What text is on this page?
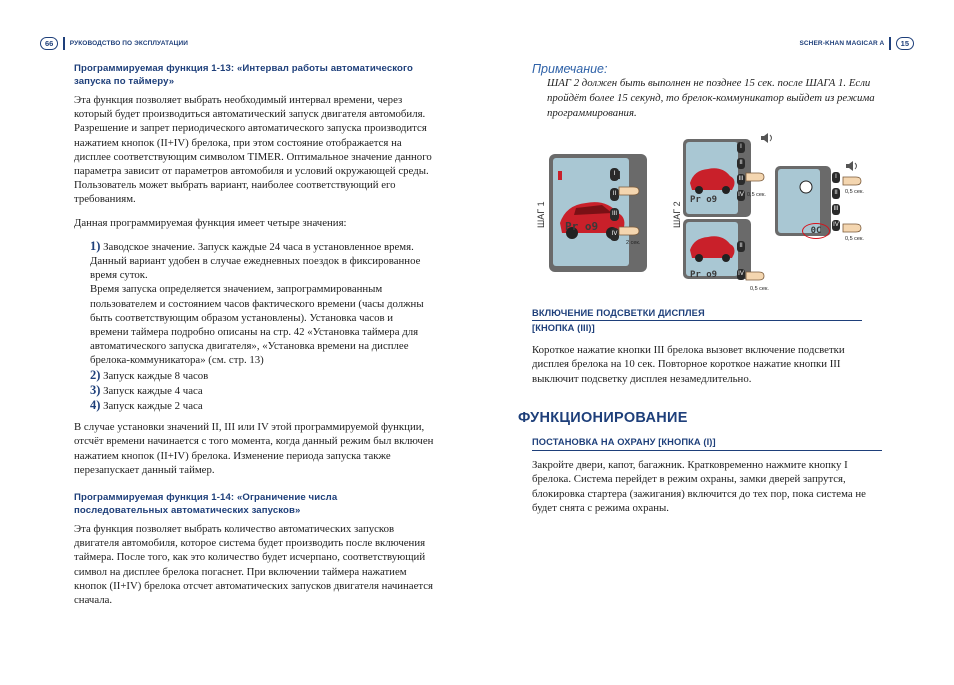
66	РУКОВОДСТВО ПО ЭКСПЛУАТАЦИИ	SCHER-KHAN MAGICAR A	15
Программируемая функция 1-13: «Интервал работы автоматического запуска по таймеру»

Эта функция позволяет выбрать необходимый интервал времени, через который будет производиться автоматический запуск двигателя автомобиля. Разрешение и запрет периодического автоматического запуска производится нажатием кнопок (II+IV) брелока, при этом состояние отображается на дисплее соответствующим символом TIMER. Оптимальное значение данного параметра зависит от параметров автомобиля и условий окружающей среды. Пользователь может выбрать вариант, наиболее соответствующий его требованиям.

Данная программируемая функция имеет четыре значения:

1) Заводское значение. Запуск каждые 24 часа в установленное время. Данный вариант удобен в случае ежедневных поездок в фиксированное время суток.

Время запуска определяется значением, запрограммированным пользователем и состоянием часов фактического времени (часы должны быть соответствующим образом установлены). Установка часов и времени таймера подробно описаны на стр. 42 «Установка таймера для автоматического запуска двигателя», «Установка времени на дисплее брелока-коммуникатора» (см. стр. 13)

2) Запуск каждые 8 часов

3) Запуск каждые 4 часа

4) Запуск каждые 2 часа

В случае установки значений II, III или IV этой программируемой функции, отсчёт времени начинается с того момента, когда данный режим был включен нажатием кнопок (II+IV) брелока. Изменение периода запуска также перезапускает данный таймер.

Программируемая функция 1-14: «Ограничение числа последовательных автоматических запусков»

Эта функция позволяет выбрать количество автоматических запусков двигателя автомобиля, которое система будет производить после включения таймера. После того, как это количество будет исчерпано, соответствующий символ на дисплее брелока погаснет. При включении таймера нажатием кнопок (II+IV) брелока отсчет автоматических запусков двигателя начинается сначала.

Примечание:
ШАГ 2 должен быть выполнен не позднее 15 сек. после ШАГА 1. Если пройдёт более 15 секунд, то брелок-коммуникатор выйдет из режима программирования.
ШАГ 1 Pr o9
I
II
III
IV
2 сек.
ШАГ 2
Pr o9
I
II
III
IV 0,5 сек.
Pr o9
II
IV
0,5 сек.
0C
I
II
III
IV
0,5 сек.
0,5 сек.
ВКЛЮЧЕНИЕ ПОДСВЕТКИ ДИСПЛЕЯ
[КНОПКА (III)]

Короткое нажатие кнопки III брелока вызовет включение подсветки дисплея брелока на 10 сек. Повторное короткое нажатие кнопки III выключит подсветку дисплея незамедлительно.

ФУНКЦИОНИРОВАНИЕ
ПОСТАНОВКА НА ОХРАНУ [КНОПКА (I)]

Закройте двери, капот, багажник. Кратковременно нажмите кнопку I брелока. Система перейдет в режим охраны, замки дверей запрутся, блокировка стартера (зажигания) включится до тех пор, пока система не будет снята с режима охраны.
